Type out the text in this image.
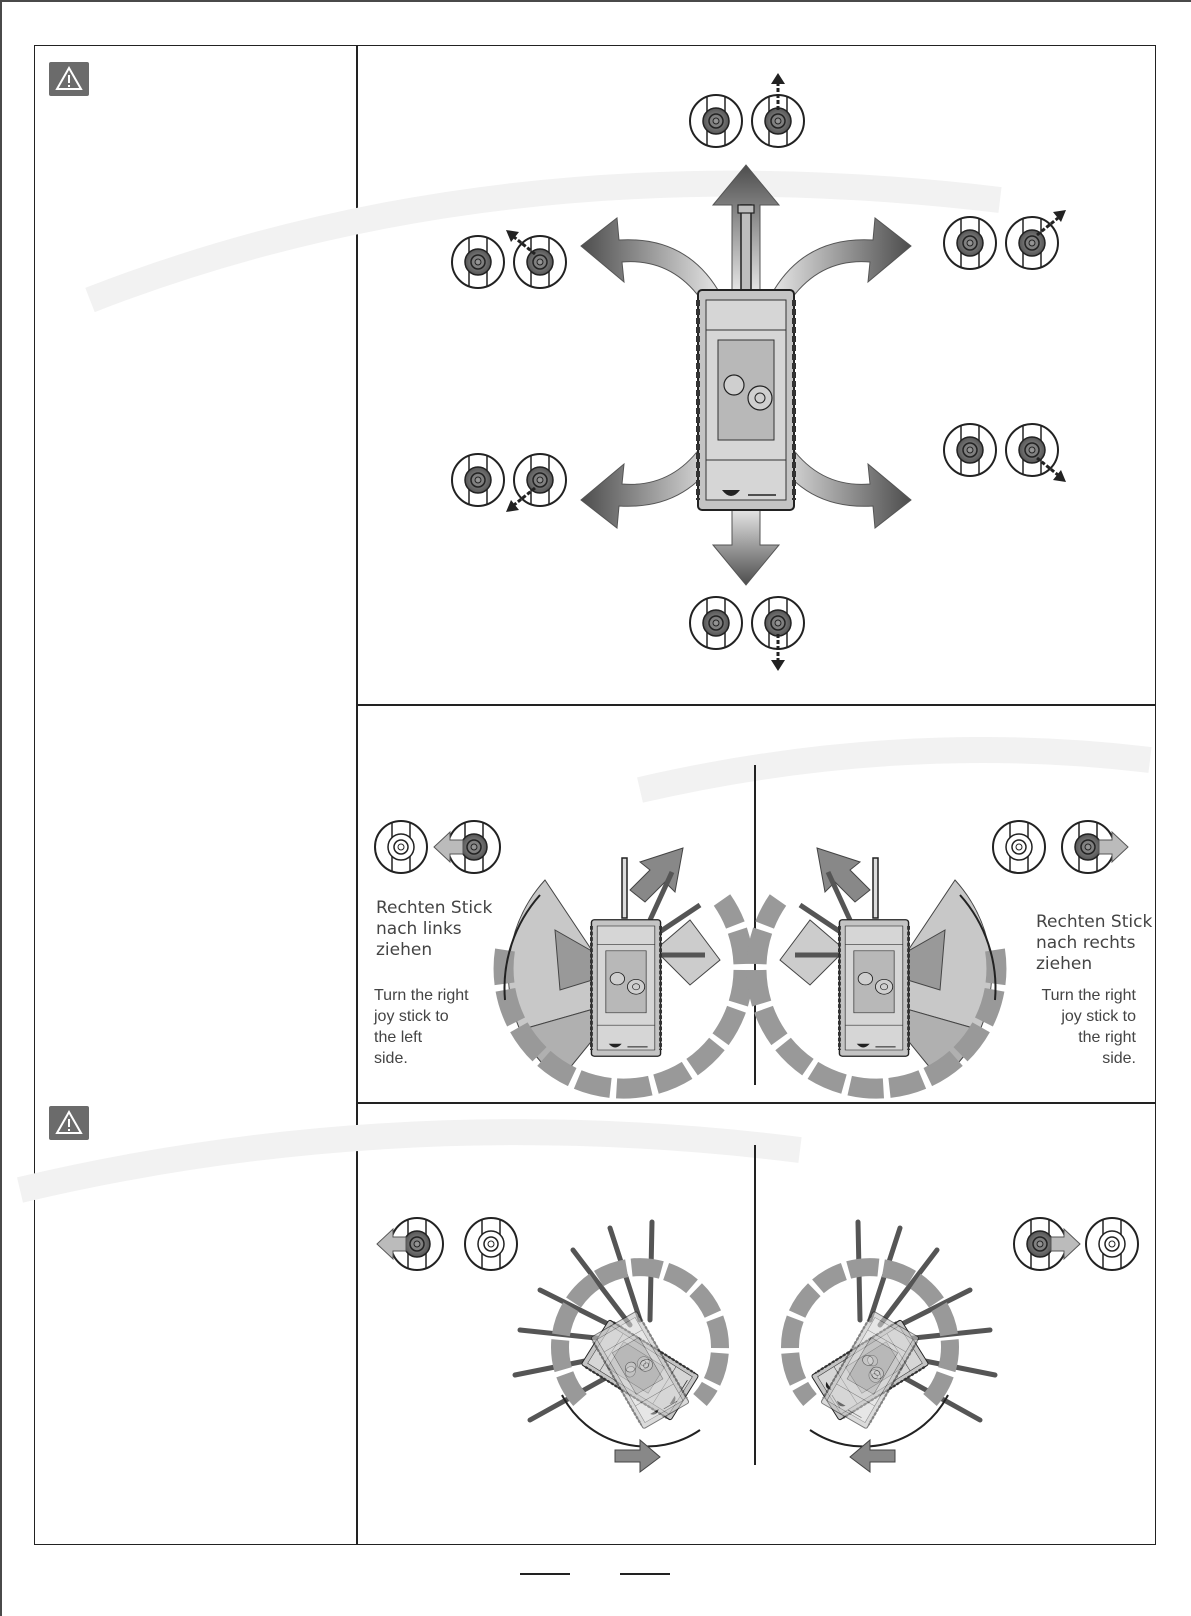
Rechten Stick
nach links
ziehen
Turn the right
joy stick to
the left
side.
Rechten Stick
nach rechts
ziehen
Turn the right
joy stick to
the right
side.
